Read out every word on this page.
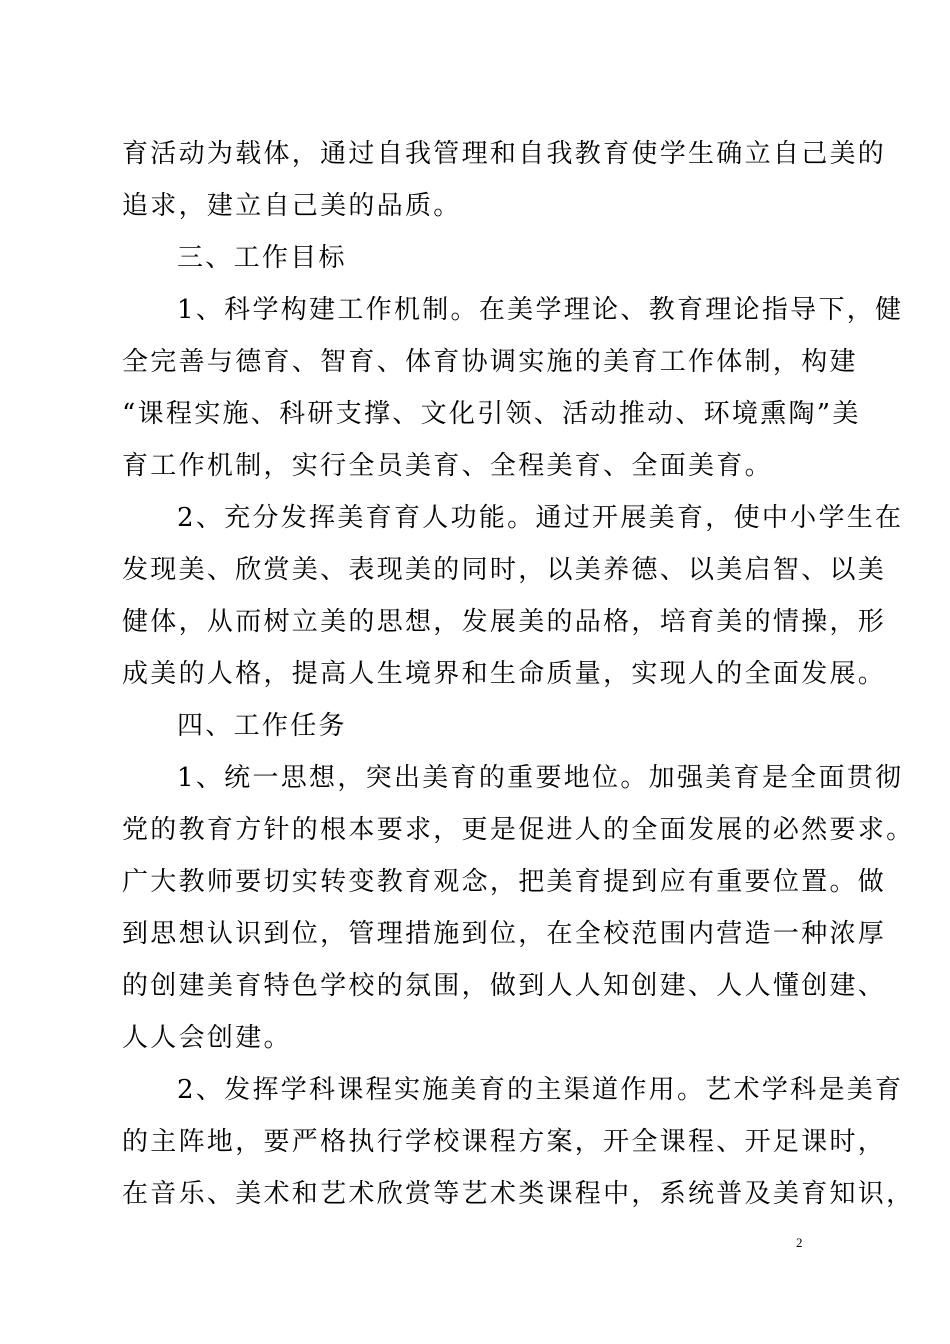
育活动为载体，通过自我管理和自我教育使学生确立自己美的
追求，建立自己美的品质。
三、工作目标
1、科学构建工作机制。在美学理论、教育理论指导下，健
全完善与德育、智育、体育协调实施的美育工作体制，构建
“课程实施、科研支撑、文化引领、活动推动、环境熏陶”美
育工作机制，实行全员美育、全程美育、全面美育。
2、充分发挥美育育人功能。通过开展美育，使中小学生在
发现美、欣赏美、表现美的同时，以美养德、以美启智、以美
健体，从而树立美的思想，发展美的品格，培育美的情操，形
成美的人格，提高人生境界和生命质量，实现人的全面发展。
四、工作任务
1、统一思想，突出美育的重要地位。加强美育是全面贯彻
党的教育方针的根本要求，更是促进人的全面发展的必然要求。
广大教师要切实转变教育观念，把美育提到应有重要位置。做
到思想认识到位，管理措施到位，在全校范围内营造一种浓厚
的创建美育特色学校的氛围，做到人人知创建、人人懂创建、
人人会创建。
2、发挥学科课程实施美育的主渠道作用。艺术学科是美育
的主阵地，要严格执行学校课程方案，开全课程、开足课时，
在音乐、美术和艺术欣赏等艺术类课程中，系统普及美育知识，
2
